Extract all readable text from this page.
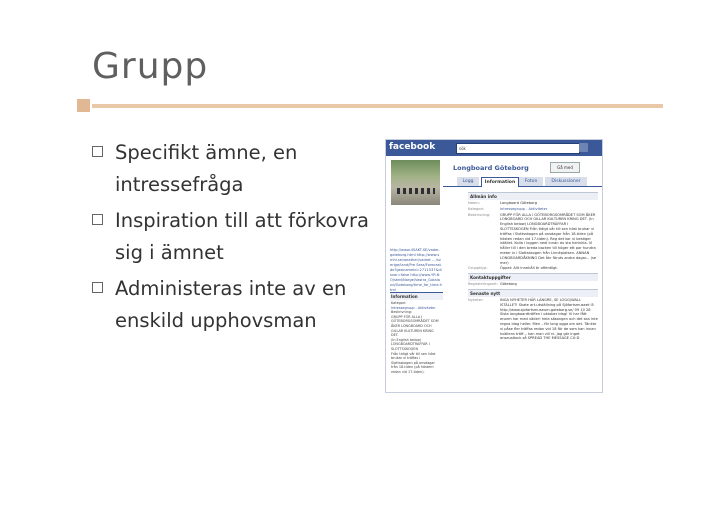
Grupp
Specifikt ämne, en intressefråga
Inspiration till att förkovra sig i ämnet
Administeras inte av en enskild upphovsman
facebook	sök
Longboard Göteborg	Gå med
Logg	Information	Foton	Diskussioner
http://www.4SAKT.SE/vader-goteborg.html http://www.smhi.se/weather/vadret -- /sverige/land/Pre Sess/Forecast.do?geonameid=2711537&disvar=false http://www.YR.NO/sted/Norge/Vastra_Gotaland/Goteborg/time_for_time.html
Information
Kategori:
Intressegrupp - Aktiviteter
Beskrivning:
GRUPP FÖR ALLA I GÖTEBORGSOMRÅDET SOM ÅKER LONGBOARD OCH GILLAR KULTUREN KRING DET.
(In English below)
LONGBOARDTRÄFFAR I SLOTTSSKOGEN
Från tidigt vår till sen höst brukar vi träffas i Slottsskogen på onsdagar från 18-tiden (på höstem redan vid 17-tiden).
Allmän info
Namn:	Longboard Göteborg
Kategori:	Intressegrupp - Aktiviteter
Beskrivning:	GRUPP FÖR ALLA I GÖTEBORGSOMRÅDET SOM ÅKER LONGBOARD OCH GILLAR KULTUREN KRING DET. (In English below) LONGBOARDTRÄFFAR I SLOTTSSKOGEN Från tidigt vår till sen höst brukar vi träffas i Slottsskogen på onsdagar från 18-tiden (på hösten redan vid 17-tiden). Reg det kor vi bestiger istället. Kolla i loggen nedi innan du sta herinkla. Vi håller till i den breda backen till höger ett par hundra meter in i Slottsskogen från Linnéplatsen. ANNAN LONGBOARDÅKNING Det åkr föruts andra dagar... (se mer)
Gruppttyp:	Öppet: Allt innehåll är offentligt.
Kontaktuppgifter
Registreringsort: Göteborg
Senaste nytt
Nyheter:	INGA NYHETER HÄR LÄNGRE, SE LOGG/WALL ISTÄLLET! Skate art-utställning på Sjöfartsmuseet i5 http://www.sjofartsmuseum.goteborg.se/ 09 10 28 Sista longboardträffen i oktober idag! Vi har fått enorm har med väder! hela säsongen och det ska inte regna idag heller. Men – för long ogga om det. Tänkte vi påse fler träffas redan vid 18 för de som kan innan kvällens träff... kan man vill ni. Jag gör inget ansaustlock så SPREAD THE MESSAGE CU:D
